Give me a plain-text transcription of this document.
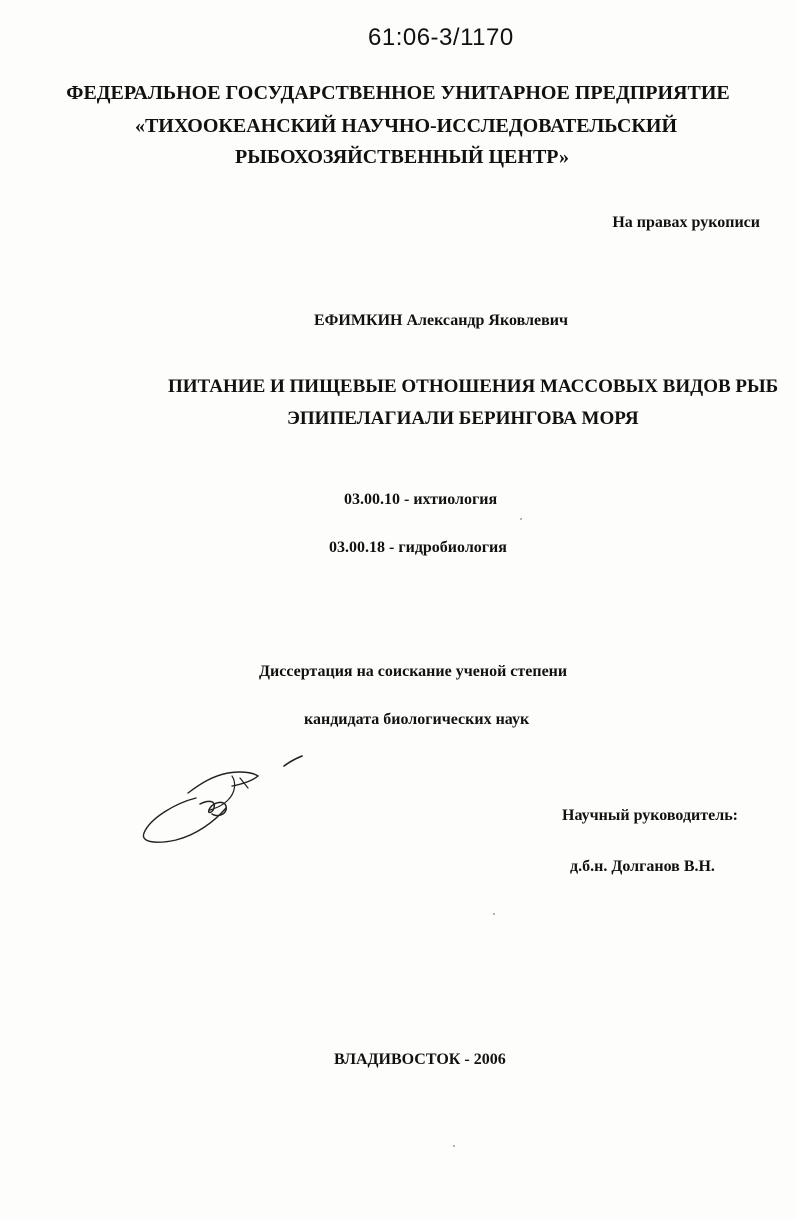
61:06-3/1170
ФЕДЕРАЛЬНОЕ ГОСУДАРСТВЕННОЕ УНИТАРНОЕ ПРЕДПРИЯТИЕ
«ТИХООКЕАНСКИЙ НАУЧНО-ИССЛЕДОВАТЕЛЬСКИЙ
РЫБОХОЗЯЙСТВЕННЫЙ ЦЕНТР»
На правах рукописи
ЕФИМКИН Александр Яковлевич
ПИТАНИЕ И ПИЩЕВЫЕ ОТНОШЕНИЯ МАССОВЫХ ВИДОВ РЫБ
ЭПИПЕЛАГИАЛИ БЕРИНГОВА МОРЯ
03.00.10 - ихтиология
03.00.18 - гидробиология
Диссертация на соискание ученой степени
кандидата биологических наук
Научный руководитель:
д.б.н. Долганов В.Н.
ВЛАДИВОСТОК - 2006
